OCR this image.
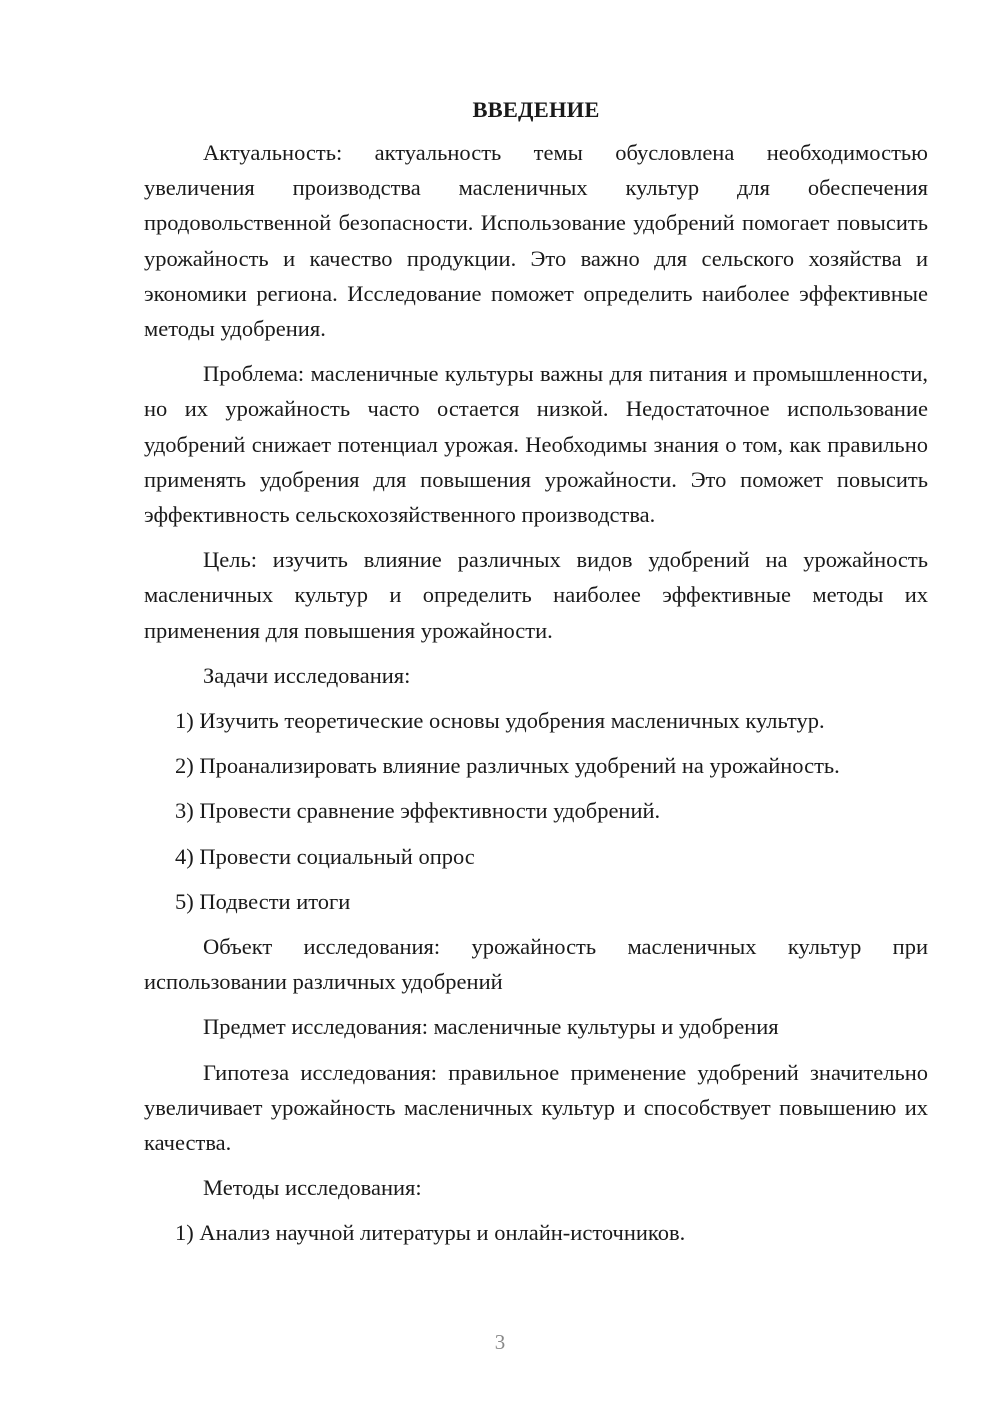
ВВЕДЕНИЕ

Актуальность: актуальность темы обусловлена необходимостью увеличения производства масленичных культур для обеспечения продовольственной безопасности. Использование удобрений помогает повысить урожайность и качество продукции. Это важно для сельского хозяйства и экономики региона. Исследование поможет определить наиболее эффективные методы удобрения.

Проблема: масленичные культуры важны для питания и промышленности, но их урожайность часто остается низкой. Недостаточное использование удобрений снижает потенциал урожая. Необходимы знания о том, как правильно применять удобрения для повышения урожайности. Это поможет повысить эффективность сельскохозяйственного производства.

Цель: изучить влияние различных видов удобрений на урожайность масленичных культур и определить наиболее эффективные методы их применения для повышения урожайности.

Задачи исследования:

1) Изучить теоретические основы удобрения масленичных культур.

2) Проанализировать влияние различных удобрений на урожайность.

3) Провести сравнение эффективности удобрений.

4) Провести социальный опрос

5) Подвести итоги

Объект исследования: урожайность масленичных культур при использовании различных удобрений

Предмет исследования: масленичные культуры и удобрения

Гипотеза исследования: правильное применение удобрений значительно увеличивает урожайность масленичных культур и способствует повышению их качества.

Методы исследования:

1) Анализ научной литературы и онлайн-источников.

3
